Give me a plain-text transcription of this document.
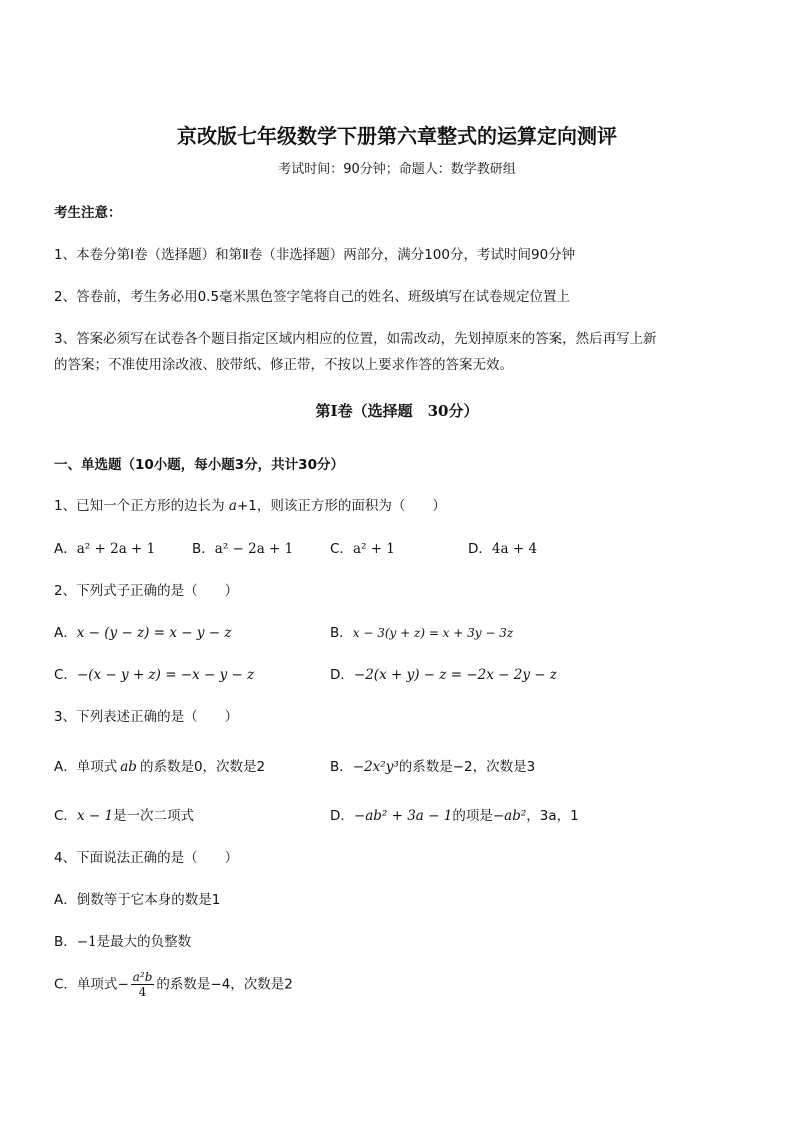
京改版七年级数学下册第六章整式的运算定向测评
考试时间：90分钟；命题人：数学教研组
考生注意：
1、本卷分第Ⅰ卷（选择题）和第Ⅱ卷（非选择题）两部分，满分100分，考试时间90分钟
2、答卷前，考生务必用0.5毫米黑色签字笔将自己的姓名、班级填写在试卷规定位置上
3、答案必须写在试卷各个题目指定区域内相应的位置，如需改动，先划掉原来的答案，然后再写上新
的答案；不准使用涂改液、胶带纸、修正带，不按以上要求作答的答案无效。
第Ⅰ卷（选择题　30分）
一、单选题（10小题，每小题3分，共计30分）
1、已知一个正方形的边长为 a+1，则该正方形的面积为（　　）
A．a² + 2a + 1	B．a² − 2a + 1	C．a² + 1	D．4a + 4
2、下列式子正确的是（　　）
A．x − (y − z) = x − y − z	B．x − 3(y + z) = x + 3y − 3z
C．−(x − y + z) = −x − y − z	D．−2(x + y) − z = −2x − 2y − z
3、下列表述正确的是（　　）
A．单项式 ab 的系数是0，次数是2	B．−2x²y³的系数是−2，次数是3
C．x − 1是一次二项式	D．−ab² + 3a − 1的项是−ab²，3a，1
4、下面说法正确的是（　　）
A．倒数等于它本身的数是1
B．−1是最大的负整数
C．单项式− $\frac{\text{a²b}}{4}$ 的系数是−4，次数是2
